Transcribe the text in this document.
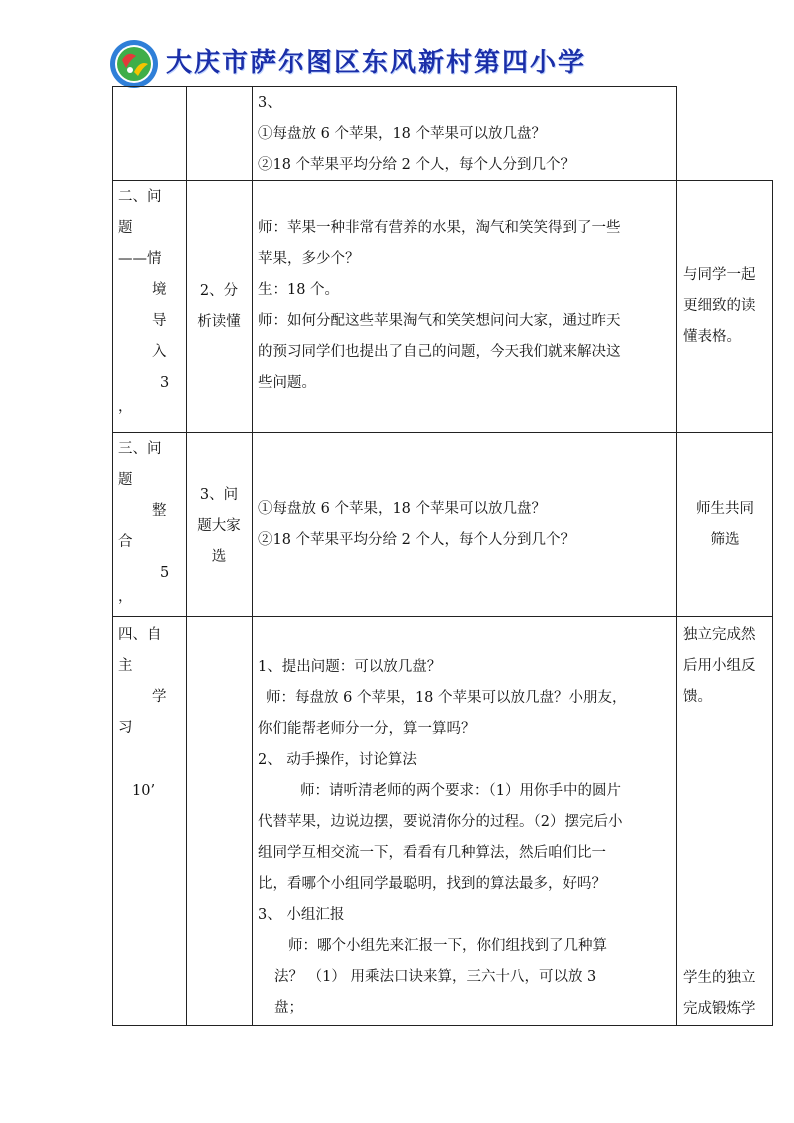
大庆市萨尔图区东风新村第四小学
3、
①每盘放 6 个苹果，18 个苹果可以放几盘？
②18 个苹果平均分给 2 个人，每个人分到几个？
二、问
题
——情
境
导
入
3
，
2、分
析读懂
师：苹果一种非常有营养的水果，淘气和笑笑得到了一些
苹果，多少个？
生：18 个。
师：如何分配这些苹果淘气和笑笑想问问大家，通过昨天
的预习同学们也提出了自己的问题，今天我们就来解决这
些问题。
与同学一起
更细致的读
懂表格。
三、问
题
整
合
5
，
3、问
题大家
选
①每盘放 6 个苹果，18 个苹果可以放几盘？
②18 个苹果平均分给 2 个人，每个人分到几个？
师生共同
筛选
四、自
主
学
习
10’
1、提出问题：可以放几盘？
师：每盘放 6 个苹果，18 个苹果可以放几盘？小朋友，
你们能帮老师分一分，算一算吗？
2、 动手操作，讨论算法
师：请听清老师的两个要求：（1）用你手中的圆片
代替苹果，边说边摆，要说清你分的过程。（2）摆完后小
组同学互相交流一下，看看有几种算法，然后咱们比一
比，看哪个小组同学最聪明，找到的算法最多，好吗？
3、 小组汇报
师：哪个小组先来汇报一下，你们组找到了几种算
法？ （1） 用乘法口诀来算，三六十八，可以放 3
盘；
独立完成然
后用小组反
馈。
学生的独立
完成锻炼学
